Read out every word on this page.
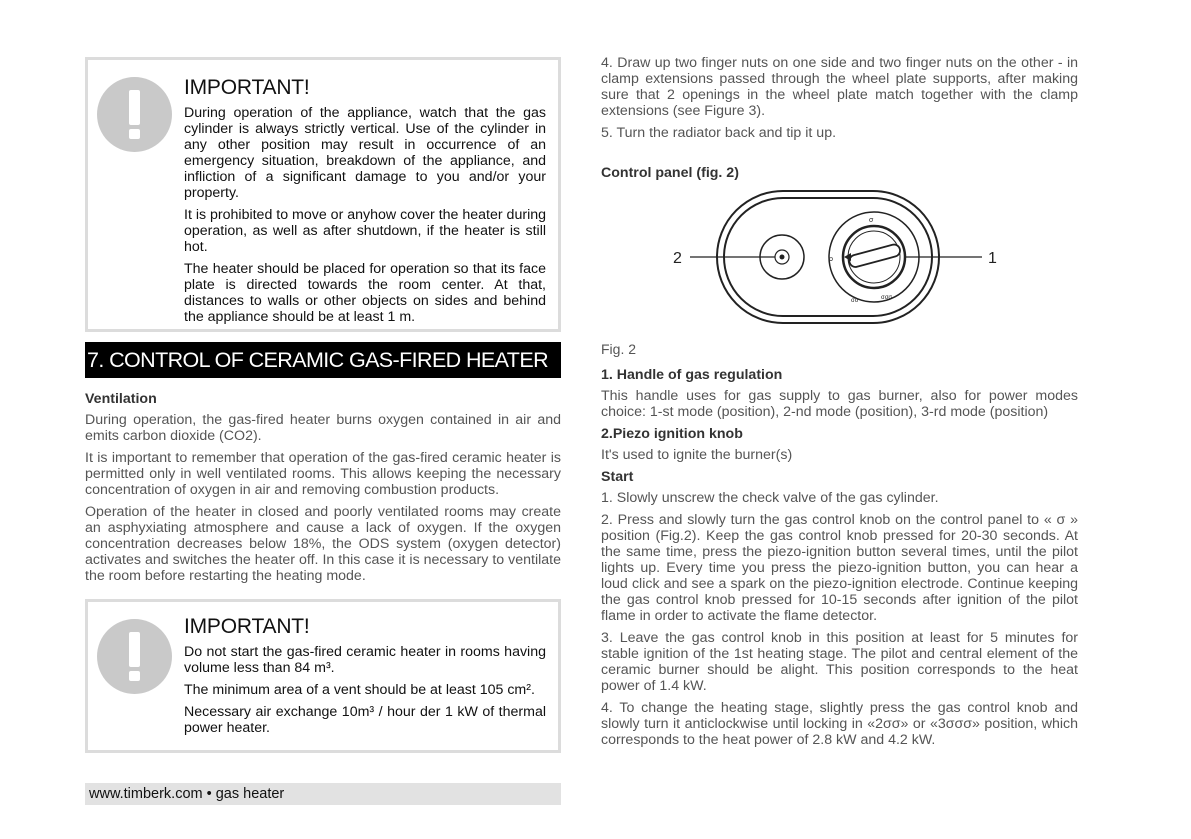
IMPORTANT!

During operation of the appliance, watch that the gas cylinder is always strictly vertical. Use of the cylinder in any other position may result in occurrence of an emergency situation, breakdown of the appliance, and infliction of a significant damage to you and/or your property.

It is prohibited to move or anyhow cover the heater during operation, as well as after shutdown, if the heater is still hot.

The heater should be placed for operation so that its face plate is directed towards the room center. At that, distances to walls or other objects on sides and behind the appliance should be at least 1 m.

7. CONTROL OF CERAMIC GAS-FIRED HEATER
Ventilation

During operation, the gas-fired heater burns oxygen contained in air and emits carbon dioxide (CO2).

It is important to remember that operation of the gas-fired ceramic heater is permitted only in well ventilated rooms. This allows keeping the necessary concentration of oxygen in air and removing combustion products.

Operation of the heater in closed and poorly ventilated rooms may create an asphyxiating atmosphere and cause a lack of oxygen. If the oxygen concentration decreases below 18%, the ODS system (oxygen detector) activates and switches the heater off. In this case it is necessary to ventilate the room before restarting the heating mode.

IMPORTANT!

Do not start the gas-fired ceramic heater in rooms having volume less than 84 m³.

The minimum area of a vent should be at least 105 cm².

Necessary air exchange 10m³ / hour der 1 kW of thermal power heater.

www.timberk.com • gas heater

4. Draw up two finger nuts on one side and two finger nuts on the other - in clamp extensions passed through the wheel plate supports, after making sure that 2 openings in the wheel plate match together with the clamp extensions (see Figure 3).

5. Turn the radiator back and tip it up.

Control panel (fig. 2)
σ
σ
σσ	σσσ
2	1
Fig. 2
1. Handle of gas regulation

This handle uses for gas supply to gas burner, also for power modes choice: 1-st mode (position), 2-nd mode (position), 3-rd mode (position)

2.Piezo ignition knob

It's used to ignite the burner(s)

Start

1. Slowly unscrew the check valve of the gas cylinder.

2. Press and slowly turn the gas control knob on the control panel to « σ » position (Fig.2). Keep the gas control knob pressed for 20-30 seconds. At the same time, press the piezo-ignition button several times, until the pilot lights up. Every time you press the piezo-ignition button, you can hear a loud click and see a spark on the piezo-ignition electrode. Continue keeping the gas control knob pressed for 10-15 seconds after ignition of the pilot flame in order to activate the flame detector.

3. Leave the gas control knob in this position at least for 5 minutes for stable ignition of the 1st heating stage. The pilot and central element of the ceramic burner should be alight. This position corresponds to the heat power of 1.4 kW.

4. To change the heating stage, slightly press the gas control knob and slowly turn it anticlockwise until locking in «2σσ» or «3σσσ» position, which corresponds to the heat power of 2.8 kW and 4.2 kW.
